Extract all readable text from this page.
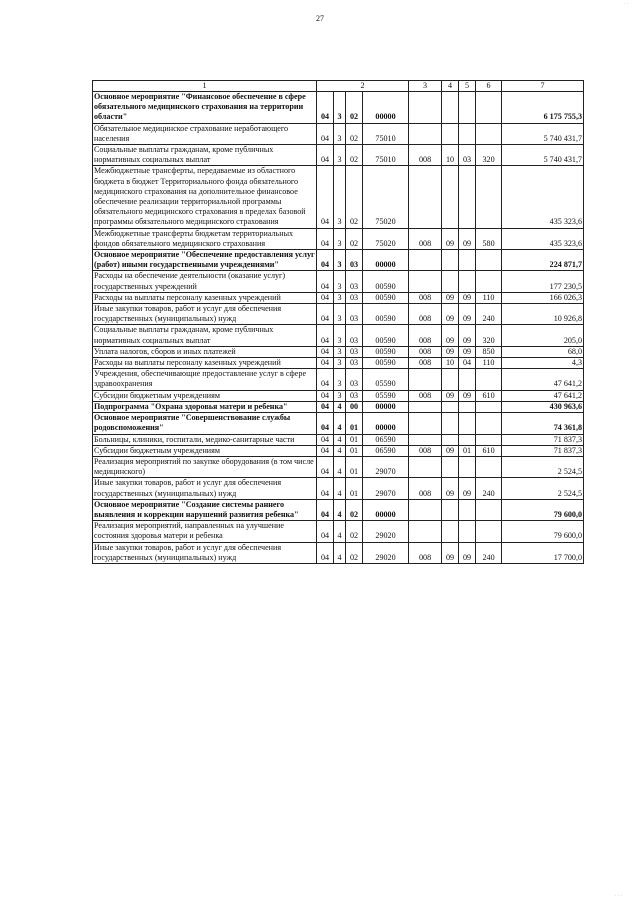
27
· ·
· · ·
1	2				3	4	5	6	7
Основное мероприятие "Финансовое обеспечение в сфере обязательного медицинского страхования на территории области"	04	3	02	00000					6 175 755,3
Обязательное медицинское страхование неработающего населения	04	3	02	75010					5 740 431,7
Социальные выплаты гражданам, кроме публичных нормативных социальных выплат	04	3	02	75010	008	10	03	320	5 740 431,7
Межбюджетные трансферты, передаваемые из областного бюджета в бюджет Территориального фонда обязательного медицинского страхования на дополнительное финансовое обеспечение реализации территориальной программы обязательного медицинского страхования в пределах базовой программы обязательного медицинского страхования	04	3	02	75020					435 323,6
Межбюджетные трансферты бюджетам территориальных фондов обязательного медицинского страхования	04	3	02	75020	008	09	09	580	435 323,6
Основное мероприятие "Обеспечение предоставления услуг (работ) иными государственными учреждениями"	04	3	03	00000					224 871,7
Расходы на обеспечение деятельности (оказание услуг) государственных учреждений	04	3	03	00590					177 230,5
Расходы на выплаты персоналу казенных учреждений	04	3	03	00590	008	09	09	110	166 026,3
Иные закупки товаров, работ и услуг для обеспечения государственных (муниципальных) нужд	04	3	03	00590	008	09	09	240	10 926,8
Социальные выплаты гражданам, кроме публичных нормативных социальных выплат	04	3	03	00590	008	09	09	320	205,0
Уплата налогов, сборов и иных платежей	04	3	03	00590	008	09	09	850	68,0
Расходы на выплаты персоналу казенных учреждений	04	3	03	00590	008	10	04	110	4,3
Учреждения, обеспечивающие предоставление услуг в сфере здравоохранения	04	3	03	05590					47 641,2
Субсидии бюджетным учреждениям	04	3	03	05590	008	09	09	610	47 641,2
Подпрограмма "Охрана здоровья матери и ребенка"	04	4	00	00000					430 963,6
Основное мероприятие "Совершенствование службы родовспоможения"	04	4	01	00000					74 361,8
Больницы, клиники, госпитали, медико-санитарные части	04	4	01	06590					71 837,3
Субсидии бюджетным учреждениям	04	4	01	06590	008	09	01	610	71 837,3
Реализация мероприятий по закупке оборудования (в том числе медицинского)	04	4	01	29070					2 524,5
Иные закупки товаров, работ и услуг для обеспечения государственных (муниципальных) нужд	04	4	01	29070	008	09	09	240	2 524,5
Основное мероприятие "Создание системы раннего выявления и коррекции нарушений развития ребенка"	04	4	02	00000					79 600,0
Реализация мероприятий, направленных на улучшение состояния здоровья матери и ребенка	04	4	02	29020					79 600,0
Иные закупки товаров, работ и услуг для обеспечения государственных (муниципальных) нужд	04	4	02	29020	008	09	09	240	17 700,0
